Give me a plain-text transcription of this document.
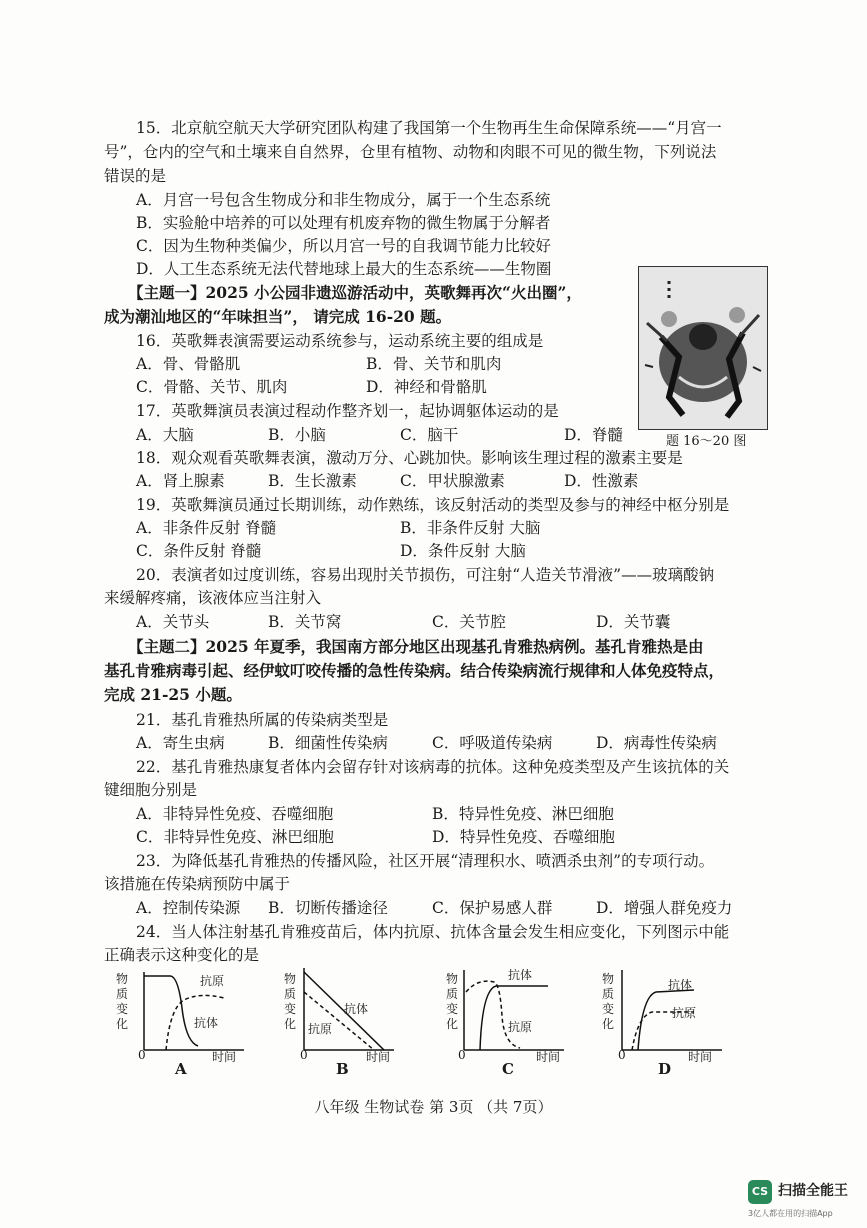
15．北京航空航天大学研究团队构建了我国第一个生物再生生命保障系统——“月宫一
号”，仓内的空气和土壤来自自然界，仓里有植物、动物和肉眼不可见的微生物，下列说法
错误的是
A．月宫一号包含生物成分和非生物成分，属于一个生态系统
B．实验舱中培养的可以处理有机废弃物的微生物属于分解者
C．因为生物种类偏少，所以月宫一号的自我调节能力比较好
D．人工生态系统无法代替地球上最大的生态系统——生物圈
【主题一】2025 小公园非遗巡游活动中，英歌舞再次“火出圈”，
成为潮汕地区的“年味担当”， 请完成 16-20 题。
题 16～20 图
16．英歌舞表演需要运动系统参与，运动系统主要的组成是
A．骨、骨骼肌	B．骨、关节和肌肉
C．骨骼、关节、肌肉	D．神经和骨骼肌
17．英歌舞演员表演过程动作整齐划一，起协调躯体运动的是
A．大脑	B．小脑	C．脑干	D．脊髓
18．观众观看英歌舞表演，激动万分、心跳加快。影响该生理过程的激素主要是
A．肾上腺素	B．生长激素	C．甲状腺激素	D．性激素
19．英歌舞演员通过长期训练，动作熟练，该反射活动的类型及参与的神经中枢分别是
A．非条件反射 脊髓	B．非条件反射 大脑
C．条件反射 脊髓	D．条件反射 大脑
20．表演者如过度训练，容易出现肘关节损伤，可注射“人造关节滑液”——玻璃酸钠
来缓解疼痛，该液体应当注射入
A．关节头	B．关节窝	C．关节腔	D．关节囊
【主题二】2025 年夏季，我国南方部分地区出现基孔肯雅热病例。基孔肯雅热是由
基孔肯雅病毒引起、经伊蚊叮咬传播的急性传染病。结合传染病流行规律和人体免疫特点，
完成 21-25 小题。
21．基孔肯雅热所属的传染病类型是
A．寄生虫病	B．细菌性传染病	C．呼吸道传染病	D．病毒性传染病
22．基孔肯雅热康复者体内会留存针对该病毒的抗体。这种免疫类型及产生该抗体的关
键细胞分别是
A．非特异性免疫、吞噬细胞	B．特异性免疫、淋巴细胞
C．非特异性免疫、淋巴细胞	D．特异性免疫、吞噬细胞
23．为降低基孔肯雅热的传播风险，社区开展“清理积水、喷洒杀虫剂”的专项行动。
该措施在传染病预防中属于
A．控制传染源 B．切断传播途径	C．保护易感人群	D．增强人群免疫力
24．当人体注射基孔肯雅疫苗后，体内抗原、抗体含量会发生相应变化，下列图示中能
正确表示这种变化的是
物
质
变
化
抗原
抗体
0	时间
A
物
质
变
化
抗体
抗原
0	时间
B
物
质
变
化
抗体
抗原
0	时间
C
物
质
变
化
抗体
抗原
0	时间
D
八年级 生物试卷 第 3页 （共 7页）
CS 扫描全能王
3亿人都在用的扫描App
